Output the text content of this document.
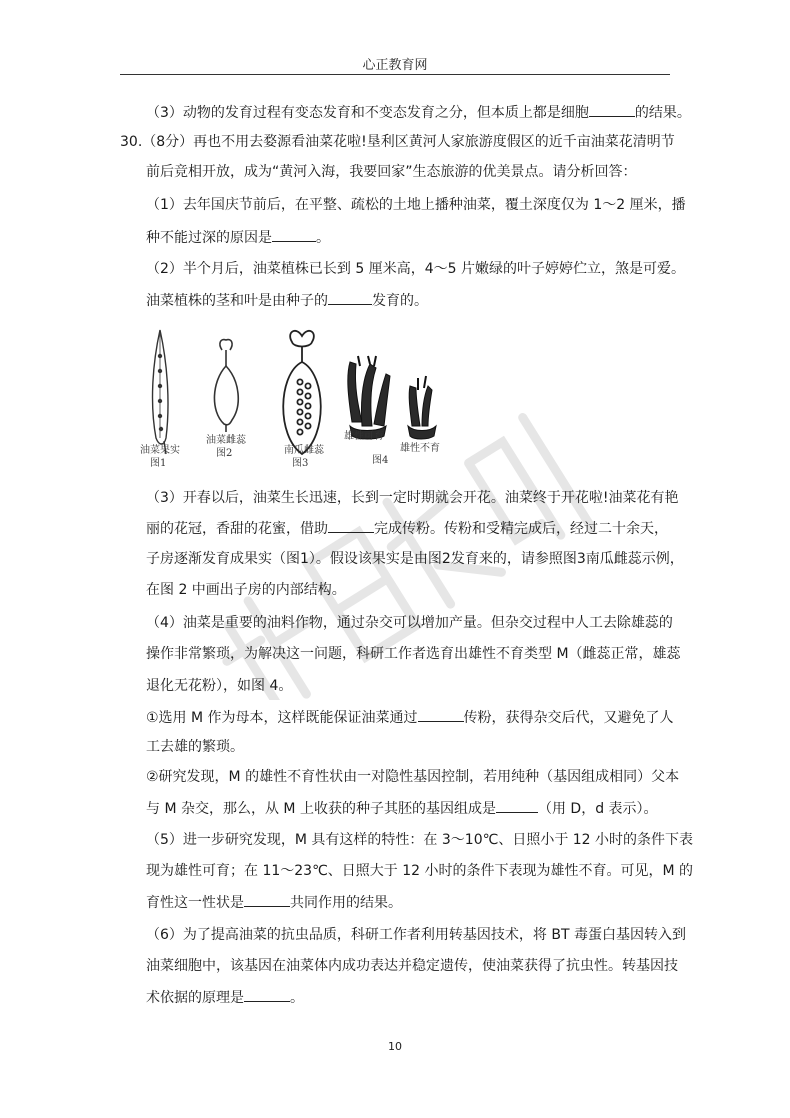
心正教育网
（3）动物的发育过程有变态发育和不变态发育之分，但本质上都是细胞	的结果。
30.（8分）再也不用去婺源看油菜花啦!垦利区黄河人家旅游度假区的近千亩油菜花清明节
前后竞相开放，成为“黄河入海，我要回家”生态旅游的优美景点。请分析回答：
（1）去年国庆节前后，在平整、疏松的土地上播种油菜，覆土深度仅为 1～2 厘米，播
种不能过深的原因是	。
（2）半个月后，油菜植株已长到 5 厘米高，4～5 片嫩绿的叶子婷婷伫立，煞是可爱。
油菜植株的茎和叶是由种子的	发育的。
油菜果实
图1
油菜雌蕊
图2	南瓜雌蕊
图3
雄性可育
雄性不育
图4
（3）开春以后，油菜生长迅速，长到一定时期就会开花。油菜终于开花啦!油菜花有艳
丽的花冠，香甜的花蜜，借助	完成传粉。传粉和受精完成后，经过二十余天，
子房逐渐发育成果实（图1）。假设该果实是由图2发育来的，请参照图3南瓜雌蕊示例，
在图 2 中画出子房的内部结构。
（4）油菜是重要的油料作物，通过杂交可以增加产量。但杂交过程中人工去除雄蕊的
操作非常繁琐，为解决这一问题，科研工作者选育出雄性不育类型 M（雌蕊正常，雄蕊
退化无花粉），如图 4。
①选用 M 作为母本，这样既能保证油菜通过	传粉，获得杂交后代，又避免了人
工去雄的繁琐。
②研究发现，M 的雄性不育性状由一对隐性基因控制，若用纯种（基因组成相同）父本
与 M 杂交，那么，从 M 上收获的种子其胚的基因组成是	（用 D，d 表示）。
（5）进一步研究发现，M 具有这样的特性：在 3～10℃、日照小于 12 小时的条件下表
现为雄性可育；在 11～23℃、日照大于 12 小时的条件下表现为雄性不育。可见，M 的
育性这一性状是	共同作用的结果。
（6）为了提高油菜的抗虫品质，科研工作者利用转基因技术，将 BT 毒蛋白基因转入到
油菜细胞中，该基因在油菜体内成功表达并稳定遗传，使油菜获得了抗虫性。转基因技
术依据的原理是	。
10
